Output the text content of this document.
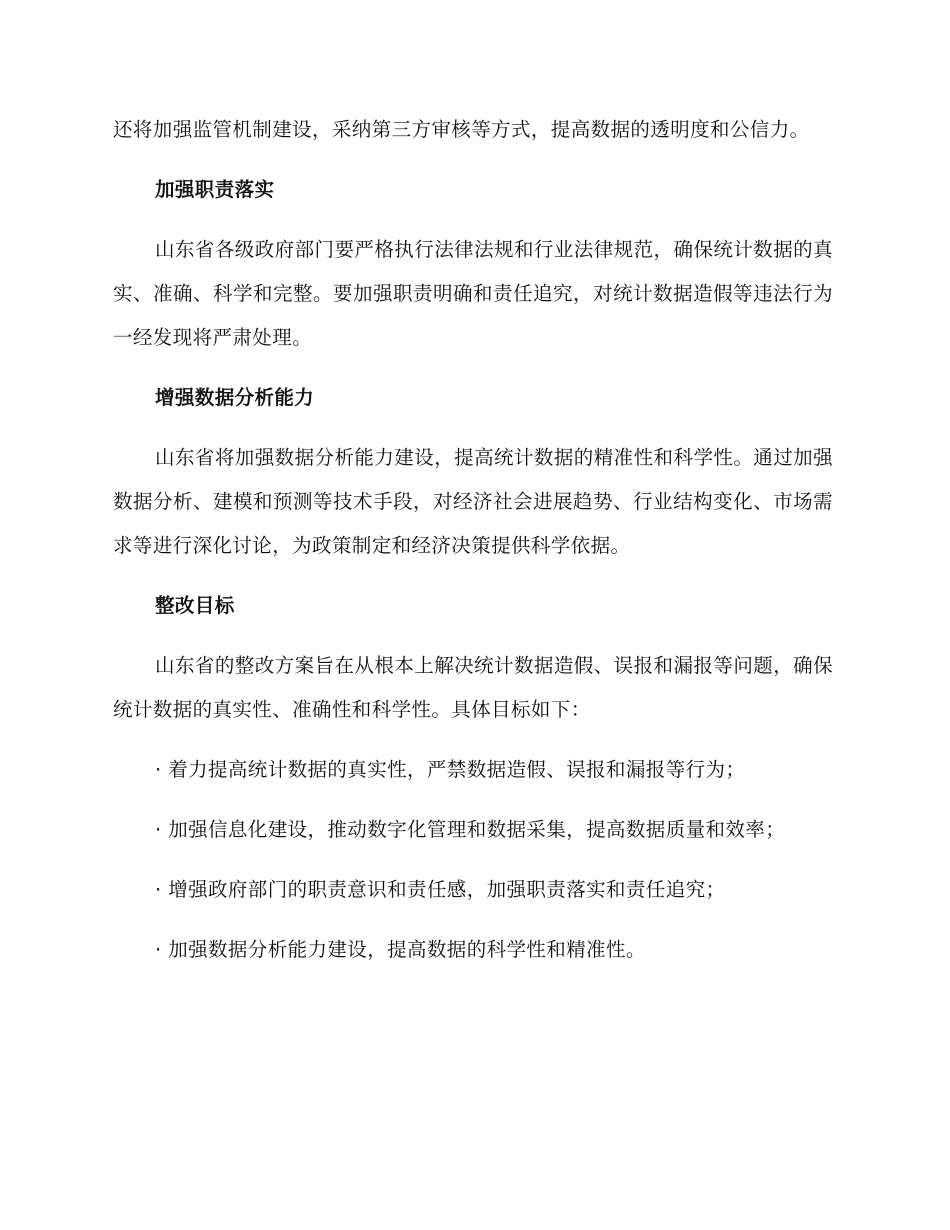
还将加强监管机制建设，采纳第三方审核等方式，提高数据的透明度和公信力。

加强职责落实

山东省各级政府部门要严格执行法律法规和行业法律规范，确保统计数据的真实、准确、科学和完整。要加强职责明确和责任追究，对统计数据造假等违法行为一经发现将严肃处理。

增强数据分析能力

山东省将加强数据分析能力建设，提高统计数据的精准性和科学性。通过加强数据分析、建模和预测等技术手段，对经济社会进展趋势、行业结构变化、市场需求等进行深化讨论，为政策制定和经济决策提供科学依据。

整改目标

山东省的整改方案旨在从根本上解决统计数据造假、误报和漏报等问题，确保统计数据的真实性、准确性和科学性。具体目标如下：

· 着力提高统计数据的真实性，严禁数据造假、误报和漏报等行为；

· 加强信息化建设，推动数字化管理和数据采集，提高数据质量和效率；

· 增强政府部门的职责意识和责任感，加强职责落实和责任追究；

· 加强数据分析能力建设，提高数据的科学性和精准性。
